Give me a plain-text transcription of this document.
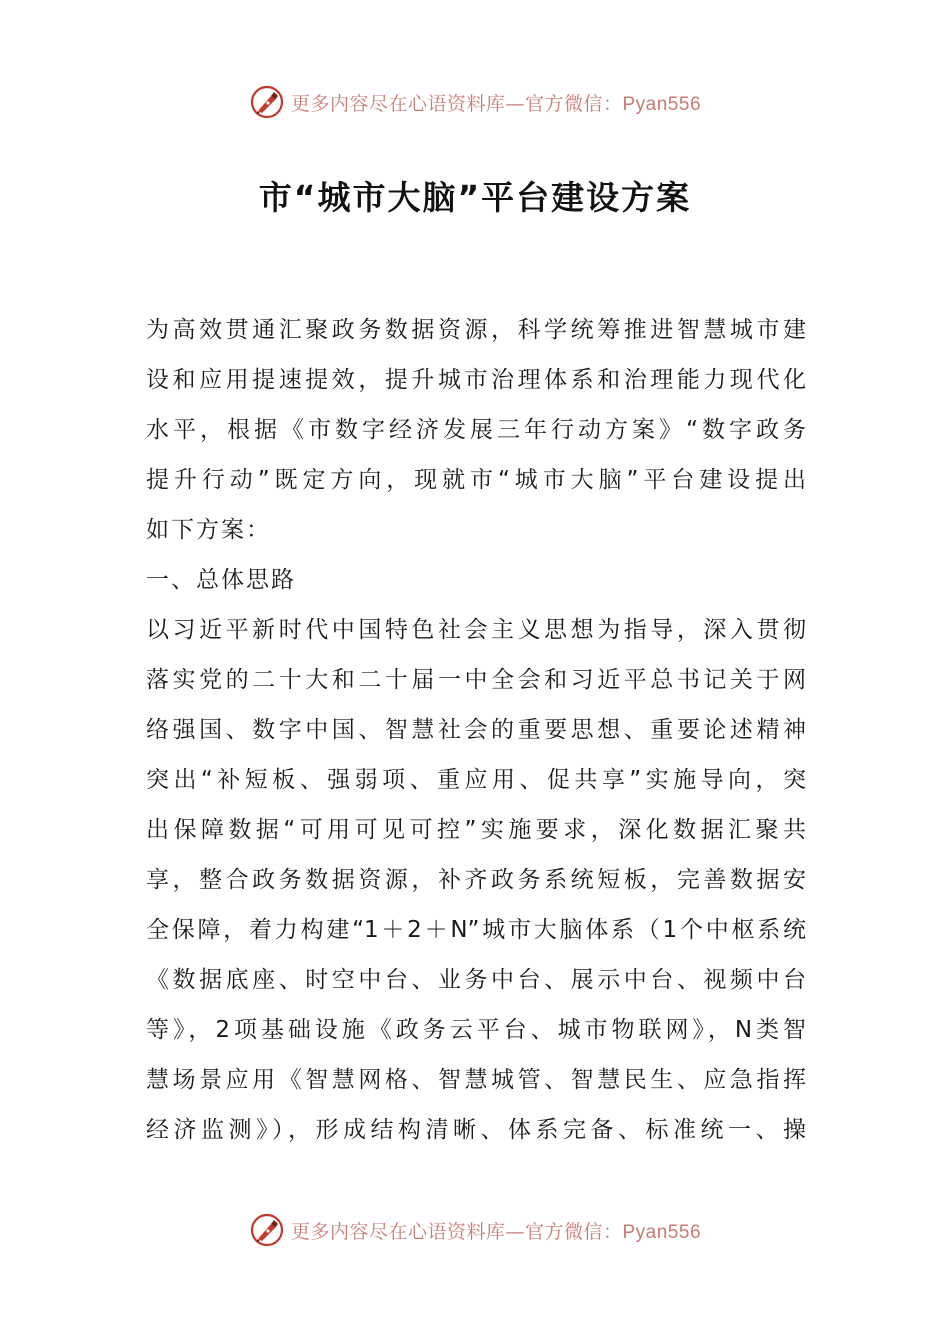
更多内容尽在心语资料库—官方微信：Pyan556
市“城市大脑”平台建设方案
为高效贯通汇聚政务数据资源，科学统筹推进智慧城市建
设和应用提速提效，提升城市治理体系和治理能力现代化
水平，根据《市数字经济发展三年行动方案》“数字政务
提升行动”既定方向，现就市“城市大脑”平台建设提出
如下方案：
一、总体思路
以习近平新时代中国特色社会主义思想为指导，深入贯彻
落实党的二十大和二十届一中全会和习近平总书记关于网
络强国、数字中国、智慧社会的重要思想、重要论述精神
突出“补短板、强弱项、重应用、促共享”实施导向，突
出保障数据“可用可见可控”实施要求，深化数据汇聚共
享，整合政务数据资源，补齐政务系统短板，完善数据安
全保障，着力构建“1＋2＋N”城市大脑体系（1个中枢系统
《数据底座、时空中台、业务中台、展示中台、视频中台
等》，2项基础设施《政务云平台、城市物联网》，N类智
慧场景应用《智慧网格、智慧城管、智慧民生、应急指挥
经济监测》），形成结构清晰、体系完备、标准统一、操
更多内容尽在心语资料库—官方微信：Pyan556
